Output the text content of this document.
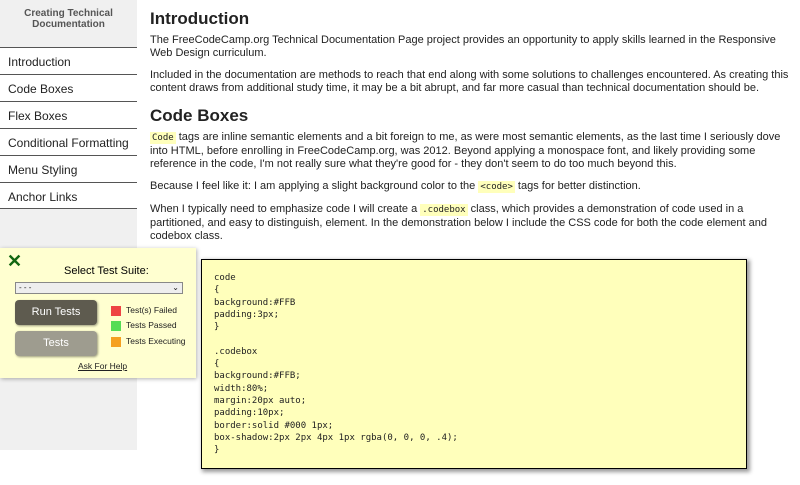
Creating Technical Documentation
Introduction
Code Boxes
Flex Boxes
Conditional Formatting
Menu Styling
Anchor Links
Introduction

The FreeCodeCamp.org Technical Documentation Page project provides an opportunity to apply skills learned in the Responsive Web Design curriculum.

Included in the documentation are methods to reach that end along with some solutions to challenges encountered. As creating this content draws from additional study time, it may be a bit abrupt, and far more casual than technical documentation should be.

Code Boxes

Code tags are inline semantic elements and a bit foreign to me, as were most semantic elements, as the last time I seriously dove into HTML, before enrolling in FreeCodeCamp.org, was 2012. Beyond applying a monospace font, and likely providing some reference in the code, I'm not really sure what they're good for - they don't seem to do too much beyond this.

Because I feel like it: I am applying a slight background color to the <code> tags for better distinction.

When I typically need to emphasize code I will create a .codebox class, which provides a demonstration of code used in a partitioned, and easy to distinguish, element. In the demonstration below I include the CSS code for both the code element and codebox class.

code
{
background:#FFB
padding:3px;
}

.codebox
{
background:#FFB;
width:80%;
margin:20px auto;
padding:10px;
border:solid #000 1px;
box-shadow:2px 2px 4px 1px rgba(0, 0, 0, .4);
}
✕	Select Test Suite:
- - -	⌄
Run Tests
Tests
Test(s) Failed
Tests Passed
Tests Executing
Ask For Help
